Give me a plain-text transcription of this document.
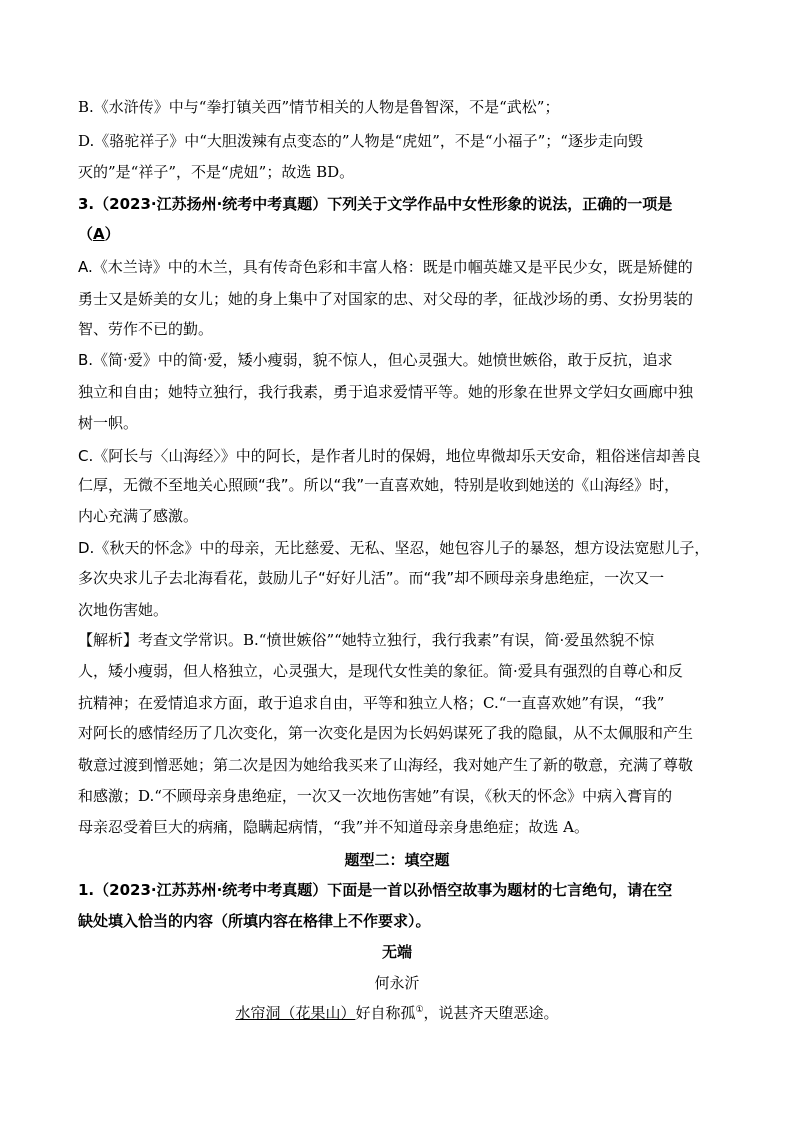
B.《水浒传》中与“拳打镇关西”情节相关的人物是鲁智深，不是“武松”；
D.《骆驼祥子》中“大胆泼辣有点变态的”人物是“虎妞”，不是“小福子”；“逐步走向毁
灭的”是“祥子”，不是“虎妞”；故选 BD。
3.（2023·江苏扬州·统考中考真题）下列关于文学作品中女性形象的说法，正确的一项是
（A）
A.《木兰诗》中的木兰，具有传奇色彩和丰富人格：既是巾帼英雄又是平民少女，既是矫健的
勇士又是娇美的女儿；她的身上集中了对国家的忠、对父母的孝，征战沙场的勇、女扮男装的
智、劳作不已的勤。
B.《简·爱》中的简·爱，矮小瘦弱，貌不惊人，但心灵强大。她愤世嫉俗，敢于反抗，追求
独立和自由；她特立独行，我行我素，勇于追求爱情平等。她的形象在世界文学妇女画廊中独
树一帜。
C.《阿长与〈山海经〉》中的阿长，是作者儿时的保姆，地位卑微却乐天安命，粗俗迷信却善良
仁厚，无微不至地关心照顾“我”。所以“我”一直喜欢她，特别是收到她送的《山海经》时，
内心充满了感激。
D.《秋天的怀念》中的母亲，无比慈爱、无私、坚忍，她包容儿子的暴怒，想方设法宽慰儿子，
多次央求儿子去北海看花，鼓励儿子“好好儿活”。而“我”却不顾母亲身患绝症，一次又一
次地伤害她。
【解析】考查文学常识。B.“愤世嫉俗”“她特立独行，我行我素”有误，简·爱虽然貌不惊
人，矮小瘦弱，但人格独立，心灵强大，是现代女性美的象征。简·爱具有强烈的自尊心和反
抗精神；在爱情追求方面，敢于追求自由，平等和独立人格；C.“一直喜欢她”有误，“我”
对阿长的感情经历了几次变化，第一次变化是因为长妈妈谋死了我的隐鼠，从不太佩服和产生
敬意过渡到憎恶她；第二次是因为她给我买来了山海经，我对她产生了新的敬意，充满了尊敬
和感激；D.“不顾母亲身患绝症，一次又一次地伤害她”有误，《秋天的怀念》中病入膏肓的
母亲忍受着巨大的病痛，隐瞒起病情，“我”并不知道母亲身患绝症；故选 A。
题型二：填空题
1.（2023·江苏苏州·统考中考真题）下面是一首以孙悟空故事为题材的七言绝句，请在空
缺处填入恰当的内容（所填内容在格律上不作要求）。
无端
何永沂
水帘洞（花果山）好自称孤①，说甚齐天堕恶途。
